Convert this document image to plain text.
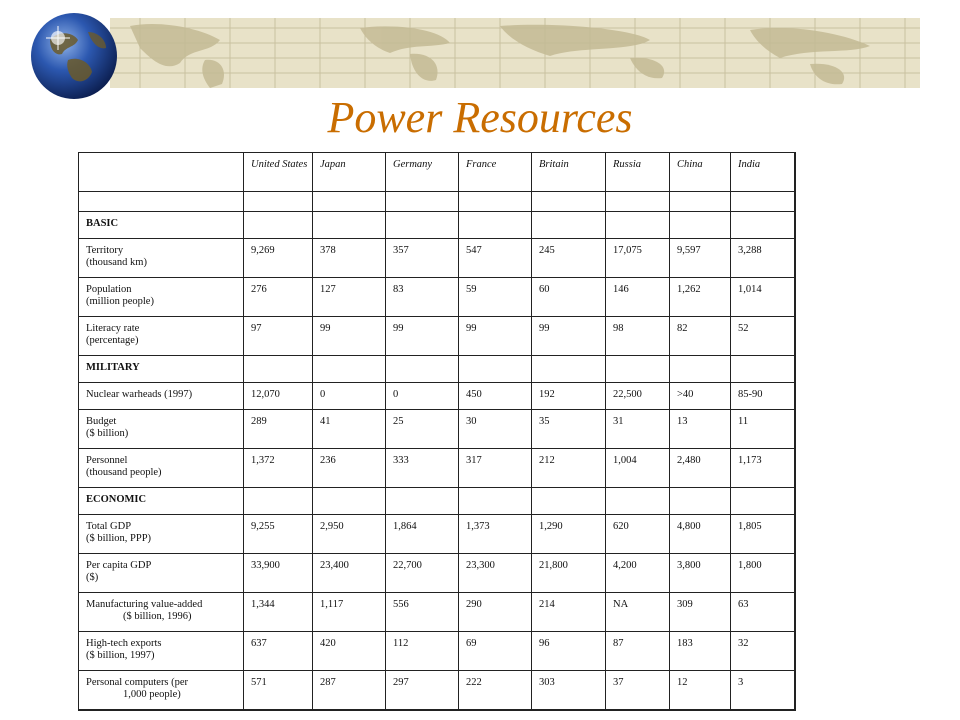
Power Resources
	United States	Japan	Germany	France	Britain	Russia	China	India

BASIC								

Territory
(thousand km)	9,269	378	357	547	245	17,075	9,597	3,288

Population
(million people)	276	127	83	59	60	146	1,262	1,014

Literacy rate
(percentage)	97	99	99	99	99	98	82	52
MILITARY								

Nuclear warheads (1997)	12,070	0	0	450	192	22,500	>40	85-90

Budget
($ billion)	289	41	25	30	35	31	13	11

Personnel
(thousand people)	1,372	236	333	317	212	1,004	2,480	1,173
ECONOMIC								

Total GDP
($ billion, PPP)	9,255	2,950	1,864	1,373	1,290	620	4,800	1,805

Per capita GDP
($)	33,900	23,400	22,700	23,300	21,800	4,200	3,800	1,800

Manufacturing value-added
($ billion, 1996)	1,344	1,117	556	290	214	NA	309	63

High-tech exports
($ billion, 1997)	637	420	112	69	96	87	183	32

Personal computers (per
1,000 people)	571	287	297	222	303	37	12	3
